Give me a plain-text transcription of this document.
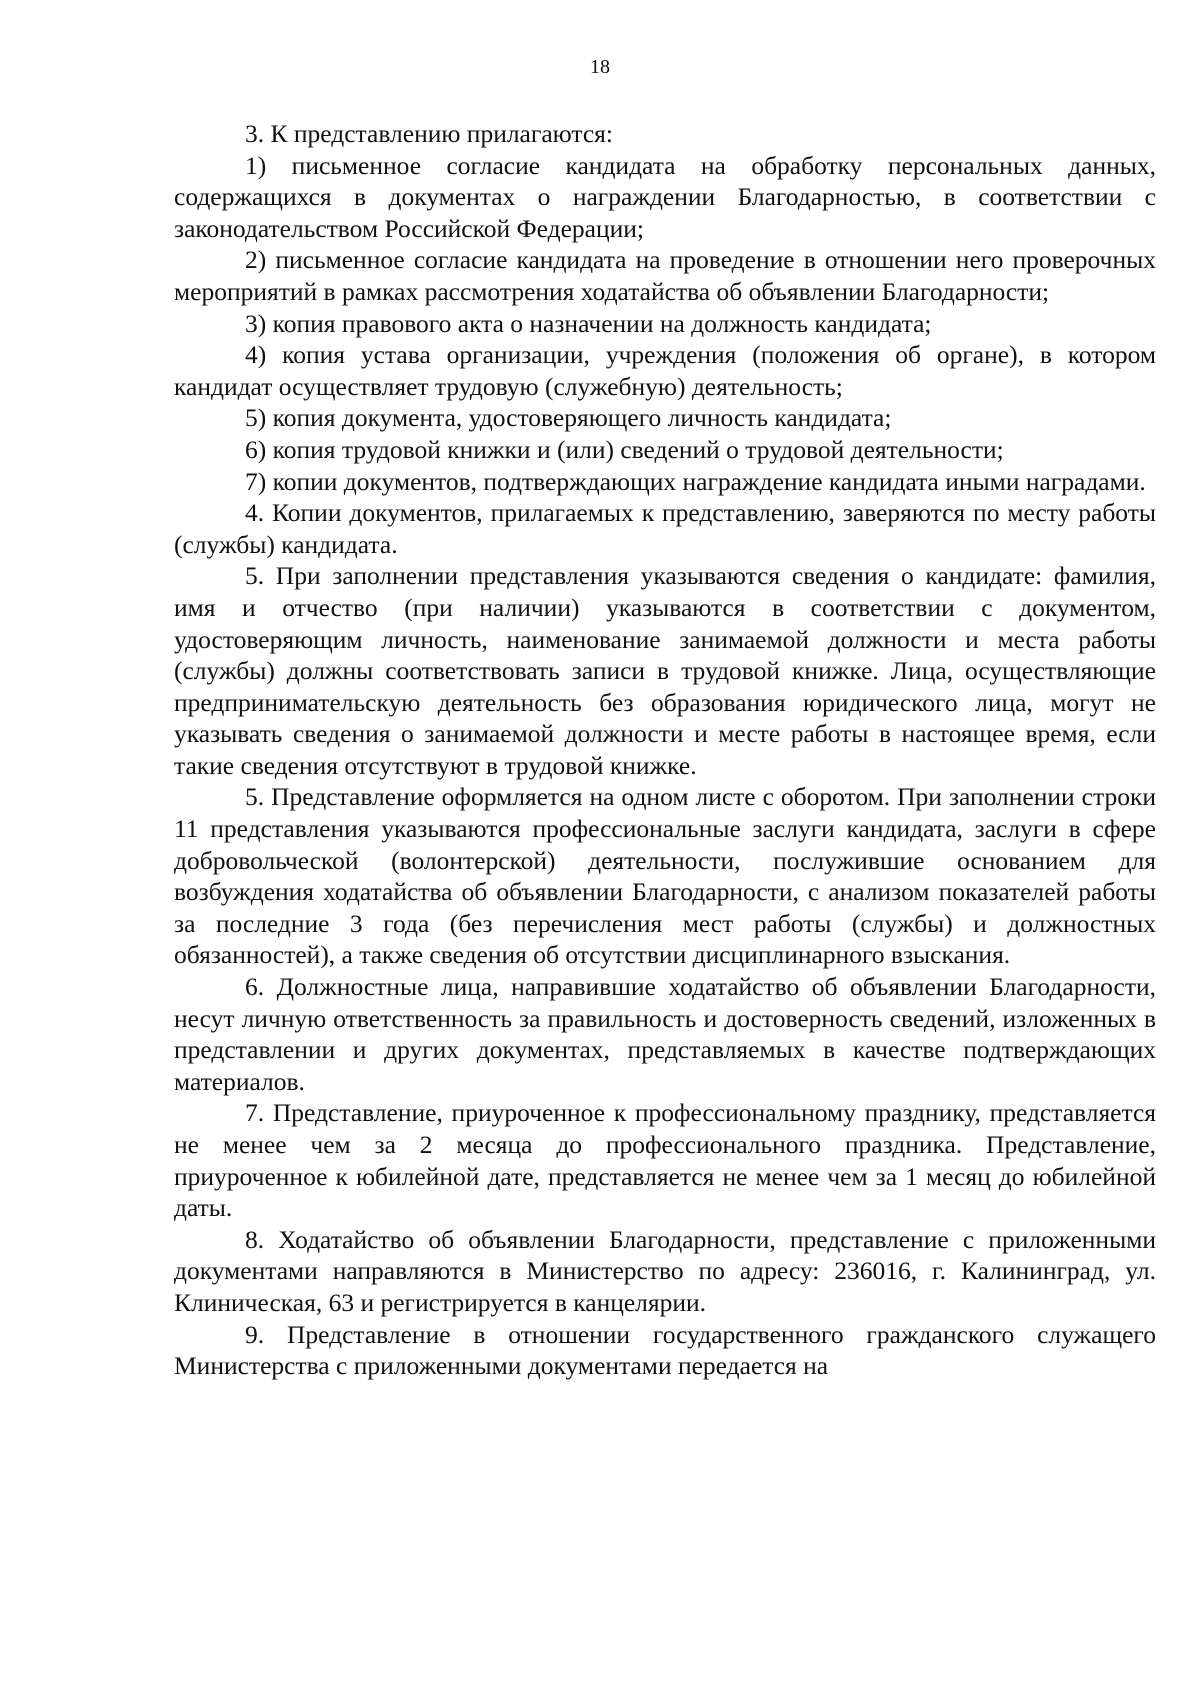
18

3. К представлению прилагаются:

1) письменное согласие кандидата на обработку персональных данных, содержащихся в документах о награждении Благодарностью, в соответствии с законодательством Российской Федерации;

2) письменное согласие кандидата на проведение в отношении него проверочных мероприятий в рамках рассмотрения ходатайства об объявлении Благодарности;

3) копия правового акта о назначении на должность кандидата;

4) копия устава организации, учреждения (положения об органе), в котором кандидат осуществляет трудовую (служебную) деятельность;

5) копия документа, удостоверяющего личность кандидата;

6) копия трудовой книжки и (или) сведений о трудовой деятельности;

7) копии документов, подтверждающих награждение кандидата иными наградами.

4. Копии документов, прилагаемых к представлению, заверяются по месту работы (службы) кандидата.

5. При заполнении представления указываются сведения о кандидате: фамилия, имя и отчество (при наличии) указываются в соответствии с документом, удостоверяющим личность, наименование занимаемой должности и места работы (службы) должны соответствовать записи в трудовой книжке. Лица, осуществляющие предпринимательскую деятельность без образования юридического лица, могут не указывать сведения о занимаемой должности и месте работы в настоящее время, если такие сведения отсутствуют в трудовой книжке.

5. Представление оформляется на одном листе с оборотом. При заполнении строки 11 представления указываются профессиональные заслуги кандидата, заслуги в сфере добровольческой (волонтерской) деятельности, послужившие основанием для возбуждения ходатайства об объявлении Благодарности, с анализом показателей работы за последние 3 года (без перечисления мест работы (службы) и должностных обязанностей), а также сведения об отсутствии дисциплинарного взыскания.

6. Должностные лица, направившие ходатайство об объявлении Благодарности, несут личную ответственность за правильность и достоверность сведений, изложенных в представлении и других документах, представляемых в качестве подтверждающих материалов.

7. Представление, приуроченное к профессиональному празднику, представляется не менее чем за 2 месяца до профессионального праздника. Представление, приуроченное к юбилейной дате, представляется не менее чем за 1 месяц до юбилейной даты.

8. Ходатайство об объявлении Благодарности, представление с приложенными документами направляются в Министерство по адресу: 236016, г. Калининград, ул. Клиническая, 63 и регистрируется в канцелярии.

9. Представление в отношении государственного гражданского служащего Министерства с приложенными документами передается на
